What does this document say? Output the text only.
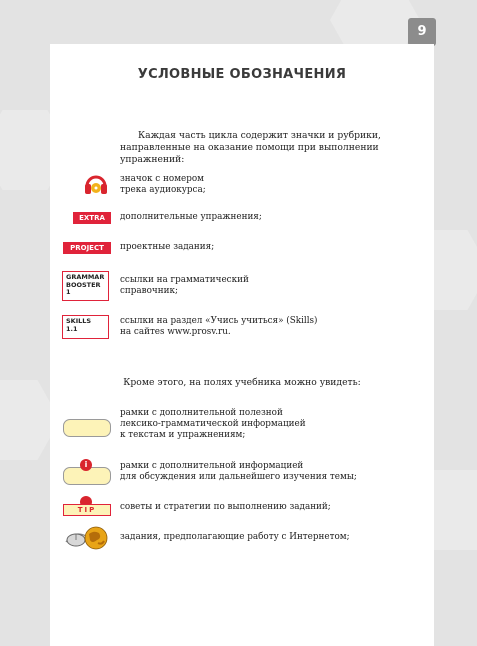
9
УСЛОВНЫЕ ОБОЗНАЧЕНИЯ
Каждая часть цикла содержит значки и рубрики, направленные на оказание помощи при выполнении упражнений:
значок с номером
трека аудиокурса;
EXTRA	дополнительные упражнения;
PROJECT	проектные задания;
GRAMMAR
BOOSTER
1
ссылки на грамматический
справочник;
SKILLS
1.1
ссылки на раздел «Учись учиться» (Skills)
на сайтеs www.prosv.ru.
Кроме этого, на полях учебника можно увидеть:
рамки с дополнительной полезной
лексико-грамматической информацией
к текстам и упражнениям;
i	рамки с дополнительной информацией
для обсуждения или дальнейшего изучения темы;
TIP	советы и стратегии по выполнению заданий;
задания, предполагающие работу с Интернетом;
